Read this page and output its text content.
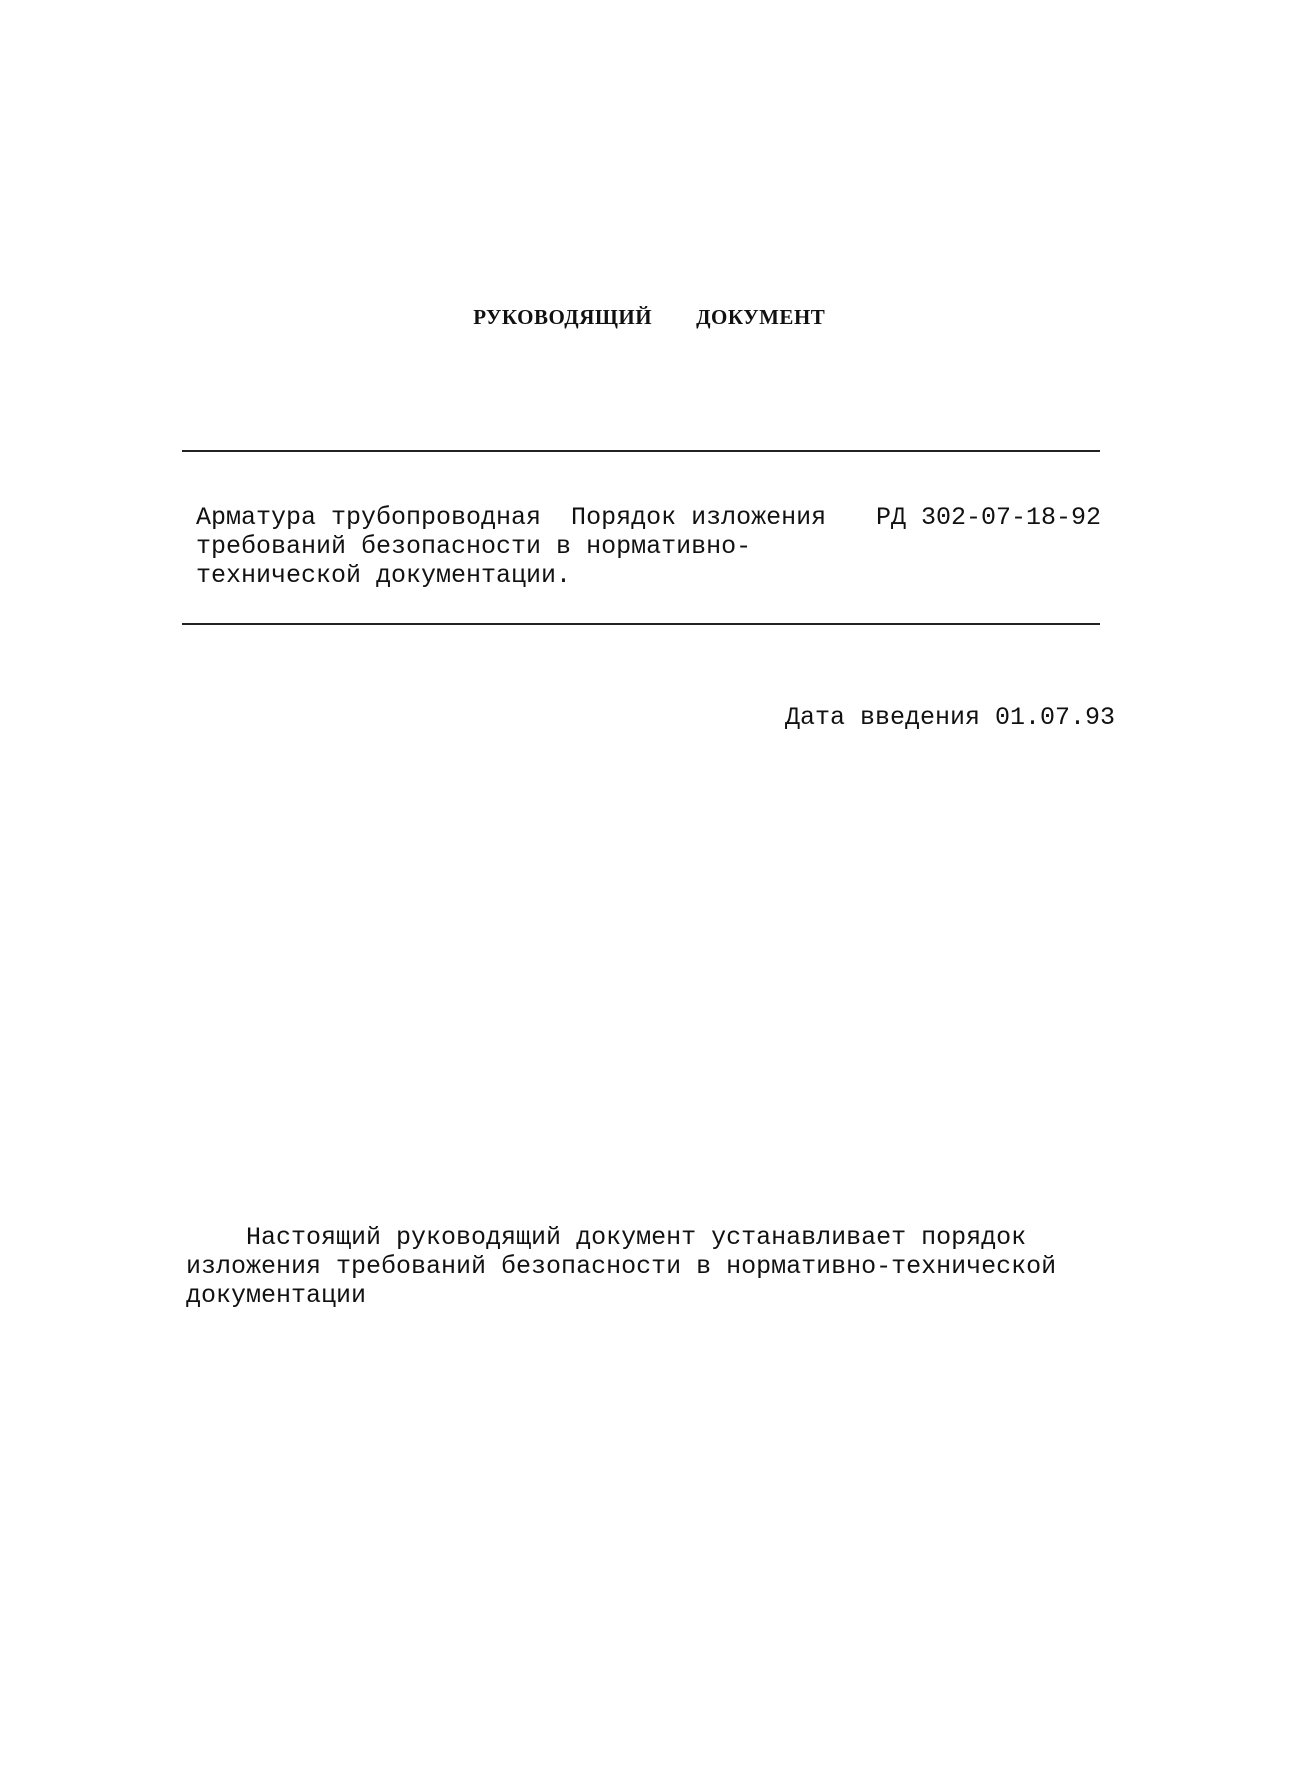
РУКОВОДЯЩИЙ ДОКУМЕНТ

Арматура трубопроводная  Порядок изложения
требований безопасности в нормативно-
технической документации.
РД 302-07-18-92
Дата введения 01.07.93
Настоящий руководящий документ устанавливает порядок
изложения требований безопасности в нормативно-технической
документации
